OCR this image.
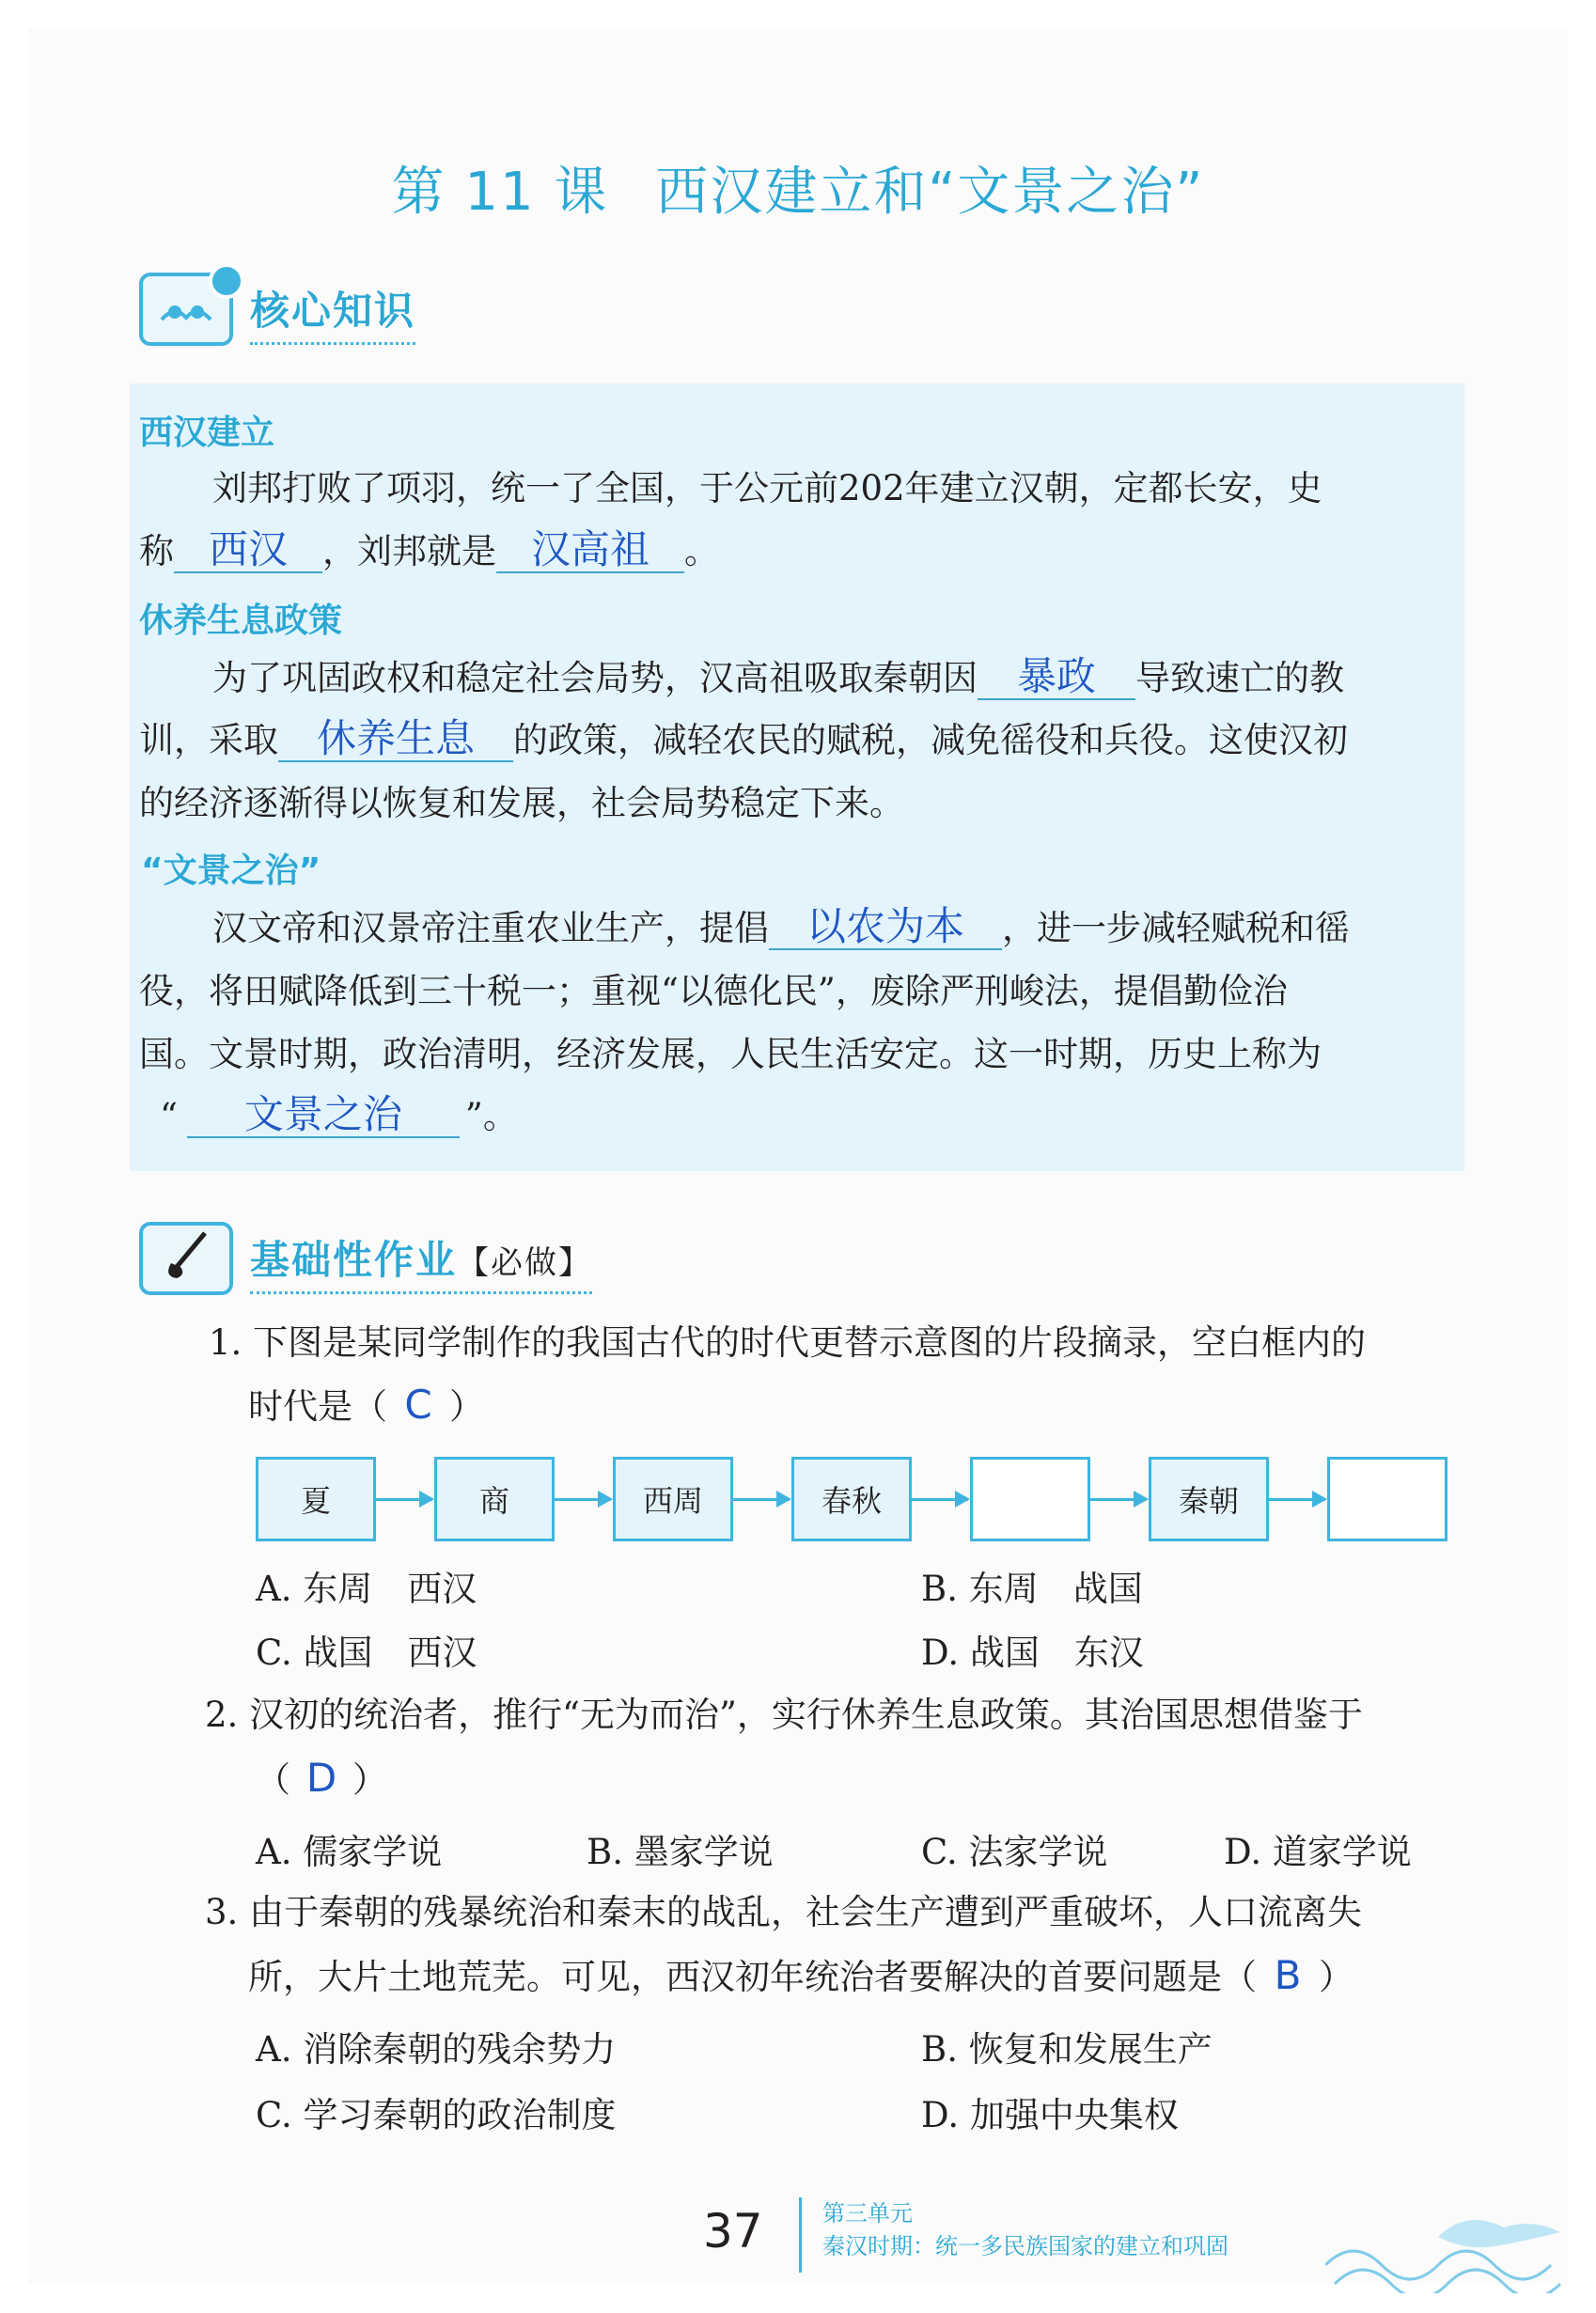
第 11 课 西汉建立和“文景之治”
核心知识
西汉建立
刘邦打败了项羽，统一了全国，于公元前202年建立汉朝，定都长安，史
称 西汉 ，刘邦就是 汉高祖 。
休养生息政策
为了巩固政权和稳定社会局势，汉高祖吸取秦朝因 暴政 导致速亡的教
训，采取 休养生息 的政策，减轻农民的赋税，减免徭役和兵役。这使汉初
的经济逐渐得以恢复和发展，社会局势稳定下来。
“文景之治”
汉文帝和汉景帝注重农业生产，提倡 以农为本 ，进一步减轻赋税和徭
役，将田赋降低到三十税一；重视“以德化民”，废除严刑峻法，提倡勤俭治
国。文景时期，政治清明，经济发展，人民生活安定。这一时期，历史上称为
“ 文景之治 ”。
基础性作业【必做】
1. 下图是某同学制作的我国古代的时代更替示意图的片段摘录，空白框内的
时代是（ C ）
夏	商	西周	春秋	秦朝
A. 东周　西汉	B. 东周　战国
C. 战国　西汉	D. 战国　东汉
2. 汉初的统治者，推行“无为而治”，实行休养生息政策。其治国思想借鉴于
（ D ）
A. 儒家学说	B. 墨家学说	C. 法家学说	D. 道家学说
3. 由于秦朝的残暴统治和秦末的战乱，社会生产遭到严重破坏，人口流离失
所，大片土地荒芜。可见，西汉初年统治者要解决的首要问题是（ B ）
A. 消除秦朝的残余势力	B. 恢复和发展生产
C. 学习秦朝的政治制度	D. 加强中央集权
37	第三单元
秦汉时期：统一多民族国家的建立和巩固
